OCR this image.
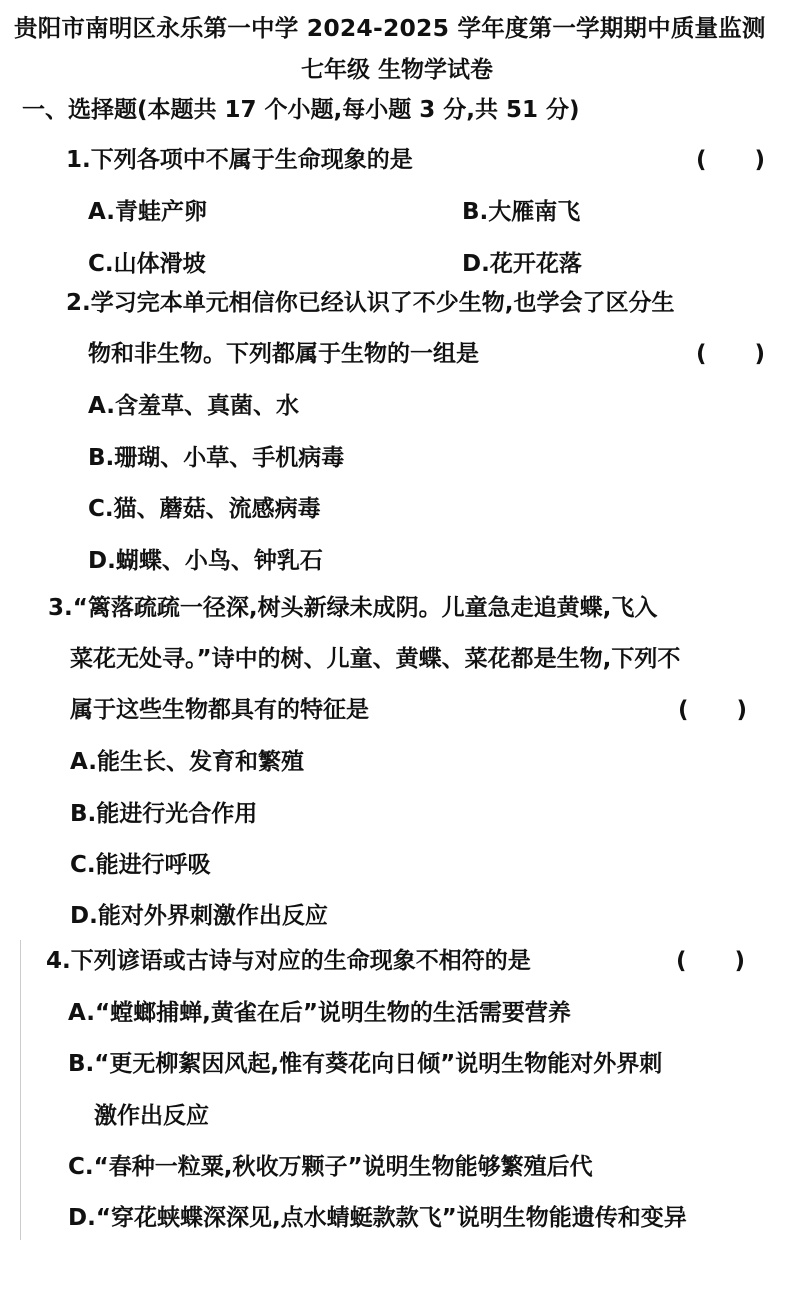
贵阳市南明区永乐第一中学 2024-2025 学年度第一学期期中质量监测
七年级 生物学试卷
一、选择题(本题共 17 个小题,每小题 3 分,共 51 分)
1.下列各项中不属于生命现象的是	(      )
A.青蛙产卵	B.大雁南飞
C.山体滑坡	D.花开花落
2.学习完本单元相信你已经认识了不少生物,也学会了区分生
物和非生物。下列都属于生物的一组是	(      )
A.含羞草、真菌、水
B.珊瑚、小草、手机病毒
C.猫、蘑菇、流感病毒
D.蝴蝶、小鸟、钟乳石
3.“篱落疏疏一径深,树头新绿未成阴。儿童急走追黄蝶,飞入
菜花无处寻。”诗中的树、儿童、黄蝶、菜花都是生物,下列不
属于这些生物都具有的特征是	(      )
A.能生长、发育和繁殖
B.能进行光合作用
C.能进行呼吸
D.能对外界刺激作出反应
4.下列谚语或古诗与对应的生命现象不相符的是	(      )
A.“螳螂捕蝉,黄雀在后”说明生物的生活需要营养
B.“更无柳絮因风起,惟有葵花向日倾”说明生物能对外界刺
激作出反应
C.“春种一粒粟,秋收万颗子”说明生物能够繁殖后代
D.“穿花蛱蝶深深见,点水蜻蜓款款飞”说明生物能遗传和变异
